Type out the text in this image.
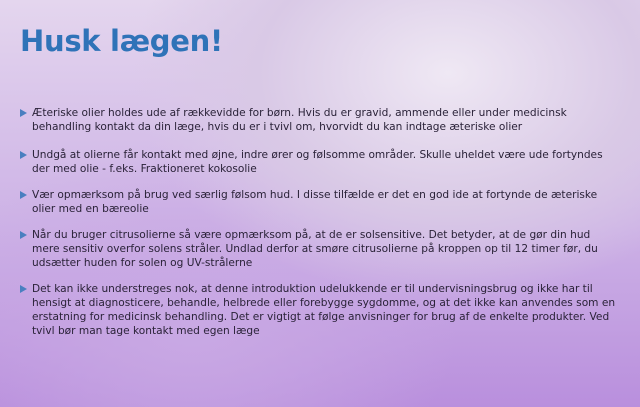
Husk lægen!
Æteriske olier holdes ude af rækkevidde for børn. Hvis du er gravid, ammende eller under medicinsk behandling kontakt da din læge, hvis du er i tvivl om, hvorvidt du kan indtage æteriske olier
Undgå at olierne får kontakt med øjne, indre ører og følsomme områder. Skulle uheldet være ude fortyndes der med olie - f.eks. Fraktioneret kokosolie
Vær opmærksom på brug ved særlig følsom hud. I disse tilfælde er det en god ide at fortynde de æteriske olier med en bæreolie
Når du bruger citrusolierne så være opmærksom på, at de er solsensitive. Det betyder, at de gør din hud mere sensitiv overfor solens stråler. Undlad derfor at smøre citrusolierne på kroppen op til 12 timer før, du udsætter huden for solen og UV-strålerne
Det kan ikke understreges nok, at denne introduktion udelukkende er til undervisningsbrug og ikke har til hensigt at diagnosticere, behandle, helbrede eller forebygge sygdomme, og at det ikke kan anvendes som en erstatning for medicinsk behandling. Det er vigtigt at følge anvisninger for brug af de enkelte produkter. Ved tvivl bør man tage kontakt med egen læge
